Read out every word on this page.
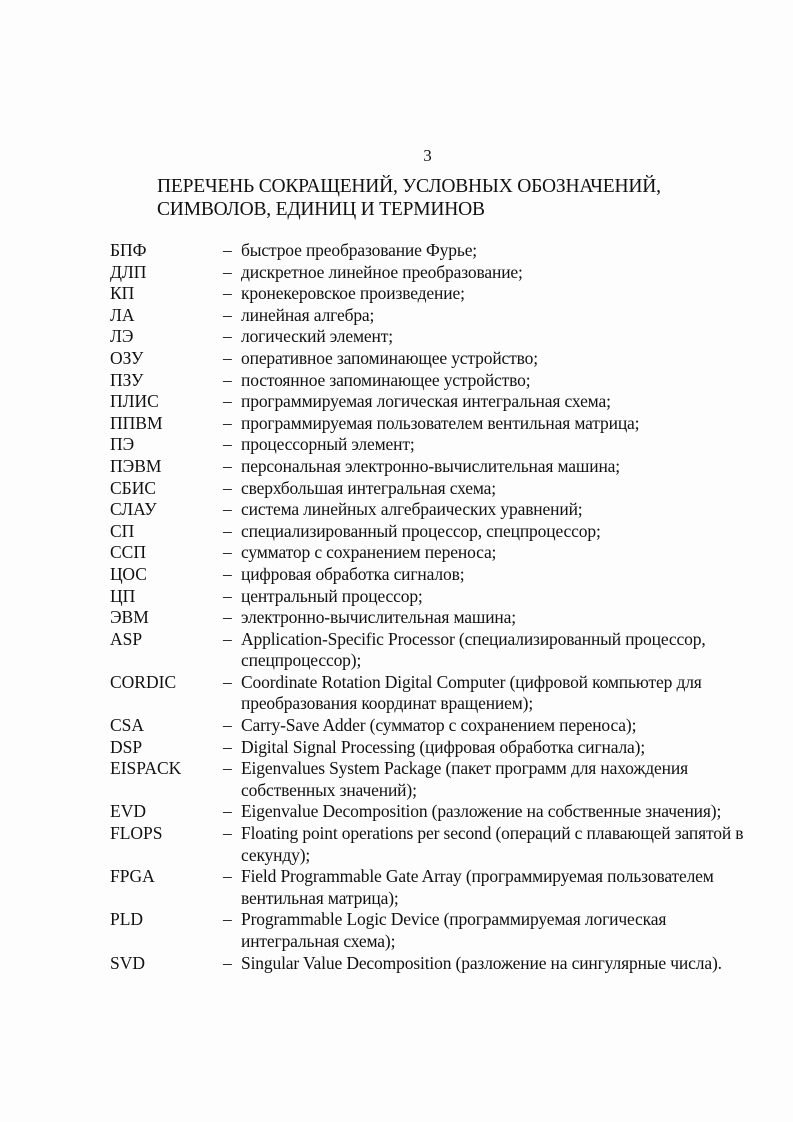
3
ПЕРЕЧЕНЬ СОКРАЩЕНИЙ, УСЛОВНЫХ ОБОЗНАЧЕНИЙ,
СИМВОЛОВ, ЕДИНИЦ И ТЕРМИНОВ
БПФ	– быстрое преобразование Фурье;
ДЛП	– дискретное линейное преобразование;
КП	– кронекеровское произведение;
ЛА	– линейная алгебра;
ЛЭ	– логический элемент;
ОЗУ	– оперативное запоминающее устройство;
ПЗУ	– постоянное запоминающее устройство;
ПЛИС	– программируемая логическая интегральная схема;
ППВМ	– программируемая пользователем вентильная матрица;
ПЭ	– процессорный элемент;
ПЭВМ	– персональная электронно-вычислительная машина;
СБИС	– сверхбольшая интегральная схема;
СЛАУ	– система линейных алгебраических уравнений;
СП	– специализированный процессор, спецпроцессор;
ССП	– сумматор с сохранением переноса;
ЦОС	– цифровая обработка сигналов;
ЦП	– центральный процессор;
ЭВМ	– электронно-вычислительная машина;
ASP	– Application-Specific Processor (специализированный процессор, спецпроцессор);
CORDIC	– Coordinate Rotation Digital Computer (цифровой компьютер для преобразования координат вращением);
CSA	– Carry-Save Adder (сумматор с сохранением переноса);
DSP	– Digital Signal Processing (цифровая обработка сигнала);
EISPACK – Eigenvalues System Package (пакет программ для нахождения собственных значений);
EVD	– Eigenvalue Decomposition (разложение на собственные значения);
FLOPS	– Floating point operations per second (операций с плавающей запятой в секунду);
FPGA	– Field Programmable Gate Array (программируемая пользователем вентильная матрица);
PLD	– Programmable Logic Device (программируемая логическая интегральная схема);
SVD	– Singular Value Decomposition (разложение на сингулярные числа).
